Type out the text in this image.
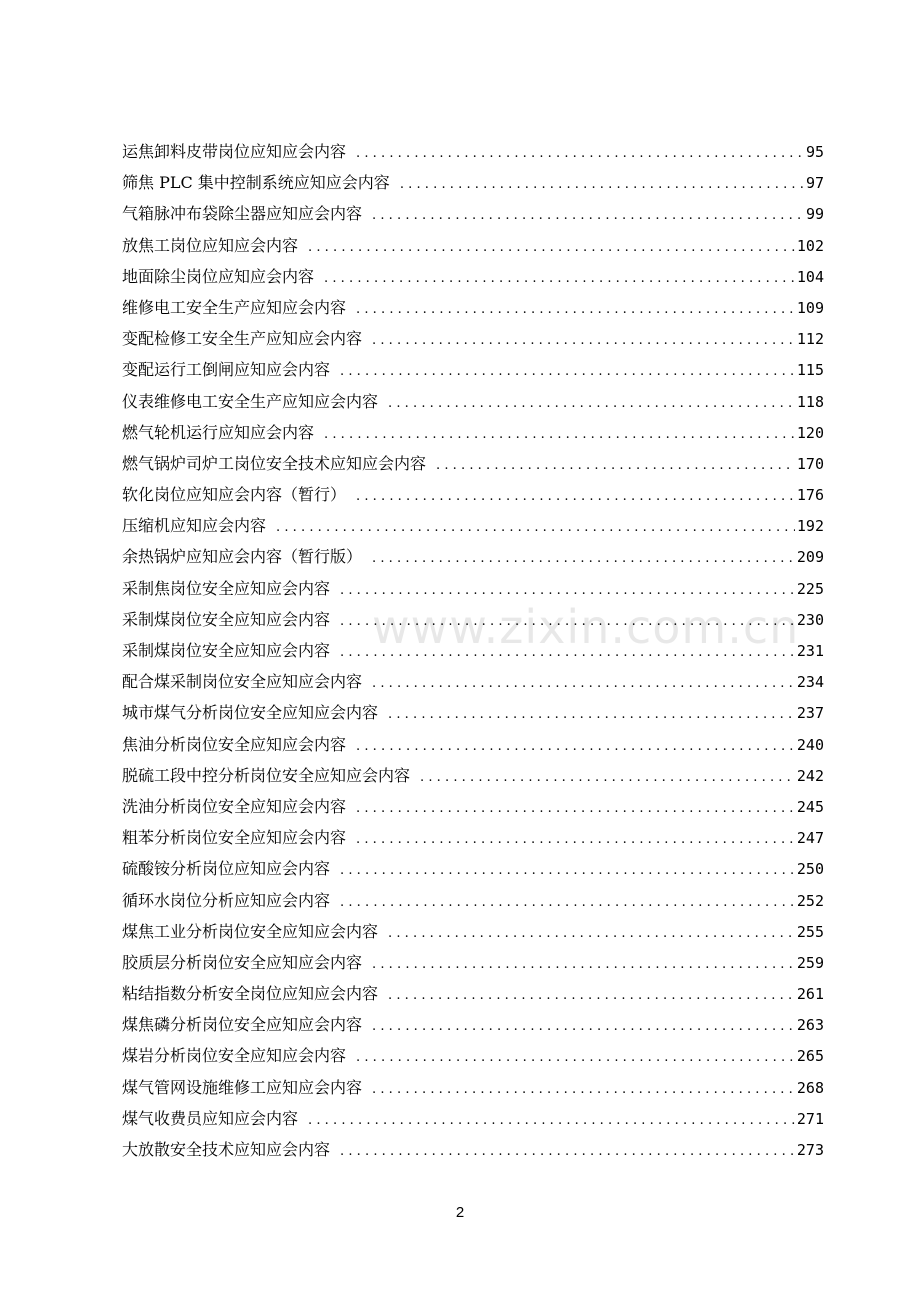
运焦卸料皮带岗位应知应会内容 .....	95
筛焦 PLC 集中控制系统应知应会内容 .....	97
气箱脉冲布袋除尘器应知应会内容 .....	99
放焦工岗位应知应会内容 .....	102
地面除尘岗位应知应会内容 .....	104
维修电工安全生产应知应会内容 .....	109
变配检修工安全生产应知应会内容 .....	112
变配运行工倒闸应知应会内容 .....	115
仪表维修电工安全生产应知应会内容 .....	118
燃气轮机运行应知应会内容 .....	120
燃气锅炉司炉工岗位安全技术应知应会内容 .....	170
软化岗位应知应会内容（暂行） .....	176
压缩机应知应会内容 .....	192
余热锅炉应知应会内容（暂行版） .....	209
采制焦岗位安全应知应会内容 .....	225
采制煤岗位安全应知应会内容 .....	230
采制煤岗位安全应知应会内容 .....	231
配合煤采制岗位安全应知应会内容 .....	234
城市煤气分析岗位安全应知应会内容 .....	237
焦油分析岗位安全应知应会内容 .....	240
脱硫工段中控分析岗位安全应知应会内容 .....	242
洗油分析岗位安全应知应会内容 .....	245
粗苯分析岗位安全应知应会内容 .....	247
硫酸铵分析岗位应知应会内容 .....	250
循环水岗位分析应知应会内容 .....	252
煤焦工业分析岗位安全应知应会内容 .....	255
胶质层分析岗位安全应知应会内容 .....	259
粘结指数分析安全岗位应知应会内容 .....	261
煤焦磷分析岗位安全应知应会内容 .....	263
煤岩分析岗位安全应知应会内容 .....	265
煤气管网设施维修工应知应会内容 .....	268
煤气收费员应知应会内容 .....	271
大放散安全技术应知应会内容 .....	273
www.zixin.com.cn
2
